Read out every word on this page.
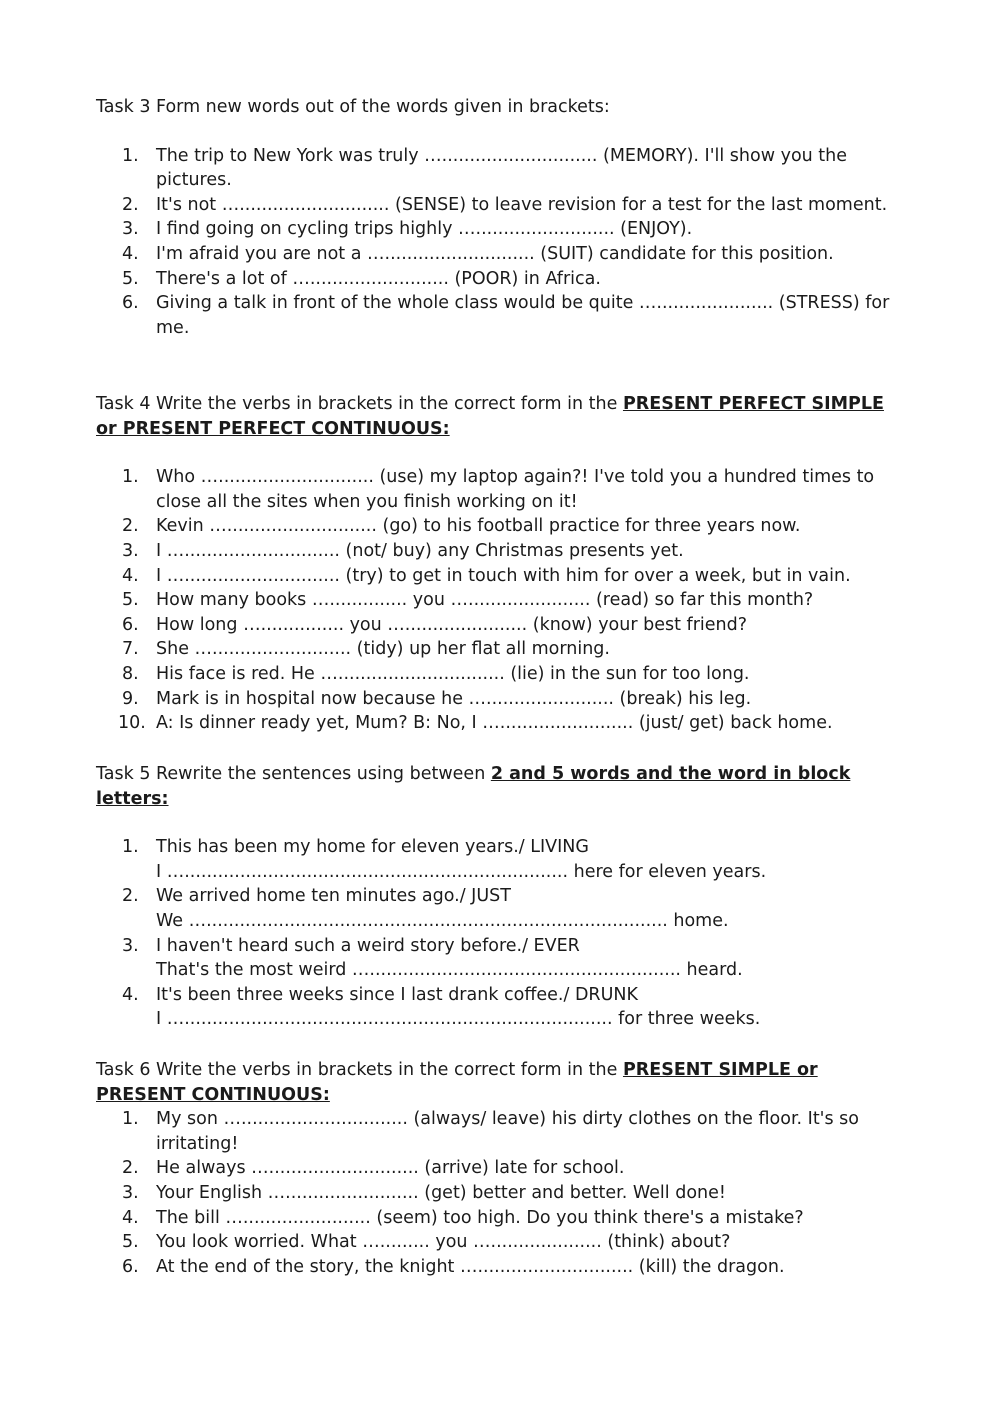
Task 3 Form new words out of the words given in brackets:

1. The trip to New York was truly …............................ (MEMORY). I'll show you the pictures.
2. It's not …........................... (SENSE) to leave revision for a test for the last moment.
3. I find going on cycling trips highly …......................... (ENJOY).
4. I'm afraid you are not a …........................... (SUIT) candidate for this position.
5. There's a lot of …......................... (POOR) in Africa.
6. Giving a talk in front of the whole class would be quite …..................... (STRESS) for me.

Task 4 Write the verbs in brackets in the correct form in the PRESENT PERFECT SIMPLE or PRESENT PERFECT CONTINUOUS:

1. Who …............................ (use) my laptop again?! I've told you a hundred times to close all the sites when you finish working on it!
2. Kevin …........................... (go) to his football practice for three years now.
3. I …............................ (not/ buy) any Christmas presents yet.
4. I …............................ (try) to get in touch with him for over a week, but in vain.
5. How many books ….............. you …...................... (read) so far this month?
6. How long …............... you …...................... (know) your best friend?
7. She …......................... (tidy) up her flat all morning.
8. His face is red. He ….............................. (lie) in the sun for too long.
9. Mark is in hospital now because he …....................... (break) his leg.
10. A: Is dinner ready yet, Mum? B: No, I …........................ (just/ get) back home.

Task 5 Rewrite the sentences using between 2 and 5 words and the word in block letters:

1. This has been my home for eleven years./ LIVING
I …..................................................................... here for eleven years.
2. We arrived home ten minutes ago./ JUST
We …................................................................................... home.
3. I haven't heard such a weird story before./ EVER
That's the most weird …........................................................ heard.
4. It's been three weeks since I last drank coffee./ DRUNK
I …............................................................................. for three weeks.

Task 6 Write the verbs in brackets in the correct form in the PRESENT SIMPLE or PRESENT CONTINUOUS:

1. My son ….............................. (always/ leave) his dirty clothes on the floor. It's so irritating!
2. He always …........................... (arrive) late for school.
3. Your English …........................ (get) better and better. Well done!
4. The bill …....................... (seem) too high. Do you think there's a mistake?
5. You look worried. What …......... you ….................... (think) about?
6. At the end of the story, the knight …............................ (kill) the dragon.
